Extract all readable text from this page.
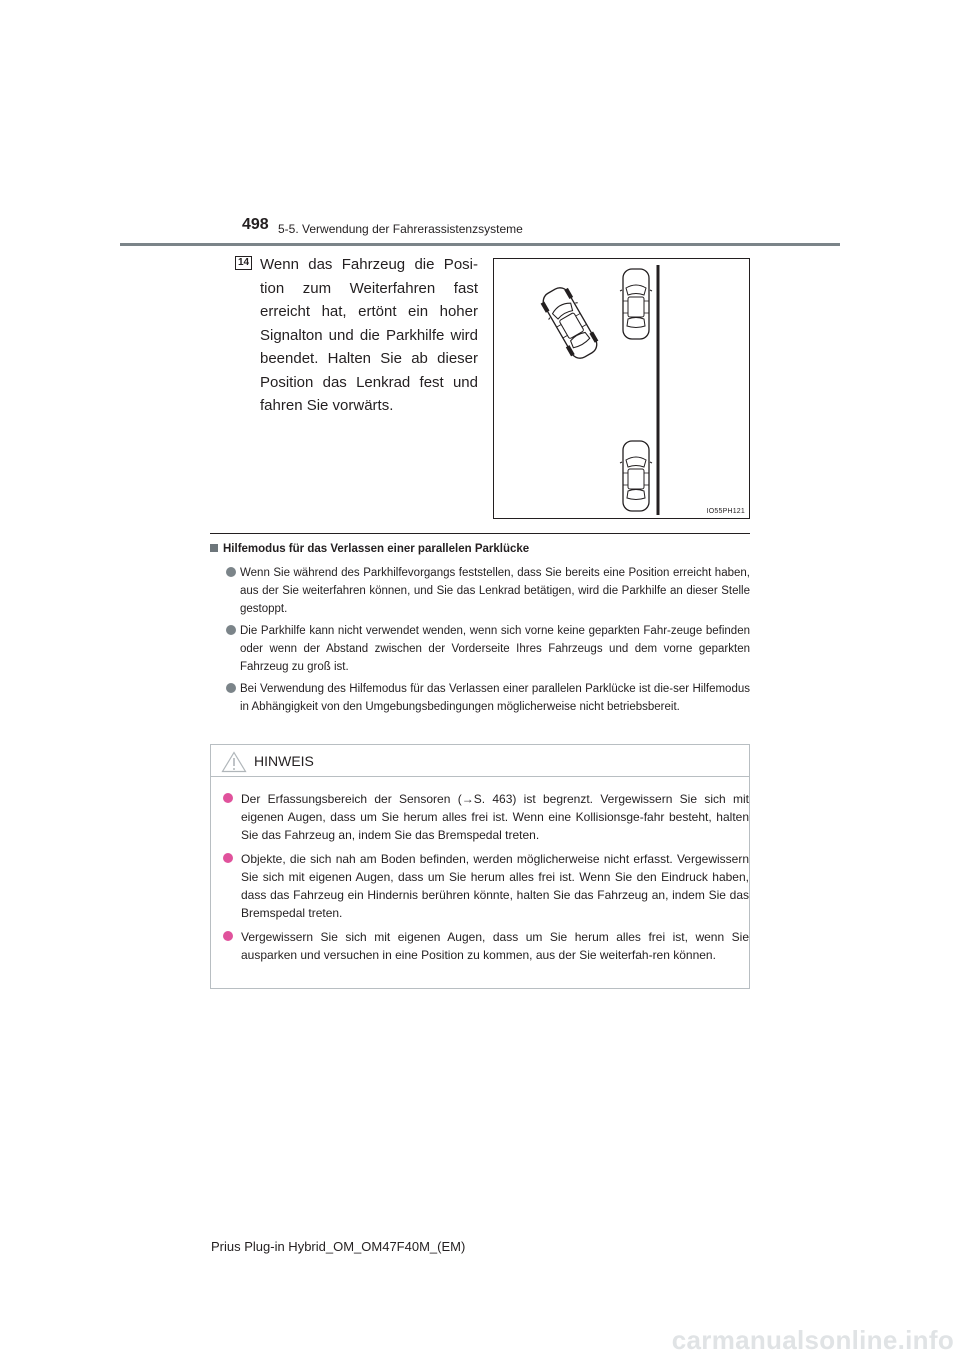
498 5-5. Verwendung der Fahrerassistenzsysteme
14 Wenn das Fahrzeug die Posi-tion zum Weiterfahren fast erreicht hat, ertönt ein hoher Signalton und die Parkhilfe wird beendet. Halten Sie ab dieser Position das Lenkrad fest und fahren Sie vorwärts.

IO55PH121
Hilfemodus für das Verlassen einer parallelen Parklücke
Wenn Sie während des Parkhilfevorgangs feststellen, dass Sie bereits eine Position erreicht haben, aus der Sie weiterfahren können, und Sie das Lenkrad betätigen, wird die Parkhilfe an dieser Stelle gestoppt.
Die Parkhilfe kann nicht verwendet wenden, wenn sich vorne keine geparkten Fahr-zeuge befinden oder wenn der Abstand zwischen der Vorderseite Ihres Fahrzeugs und dem vorne geparkten Fahrzeug zu groß ist.
Bei Verwendung des Hilfemodus für das Verlassen einer parallelen Parklücke ist die-ser Hilfemodus in Abhängigkeit von den Umgebungsbedingungen möglicherweise nicht betriebsbereit.
HINWEIS
Der Erfassungsbereich der Sensoren (→S. 463) ist begrenzt. Vergewissern Sie sich mit eigenen Augen, dass um Sie herum alles frei ist. Wenn eine Kollisionsge-fahr besteht, halten Sie das Fahrzeug an, indem Sie das Bremspedal treten.
Objekte, die sich nah am Boden befinden, werden möglicherweise nicht erfasst. Vergewissern Sie sich mit eigenen Augen, dass um Sie herum alles frei ist. Wenn Sie den Eindruck haben, dass das Fahrzeug ein Hindernis berühren könnte, halten Sie das Fahrzeug an, indem Sie das Bremspedal treten.
Vergewissern Sie sich mit eigenen Augen, dass um Sie herum alles frei ist, wenn Sie ausparken und versuchen in eine Position zu kommen, aus der Sie weiterfah-ren können.
Prius Plug-in Hybrid_OM_OM47F40M_(EM)
carmanualsonline.info
